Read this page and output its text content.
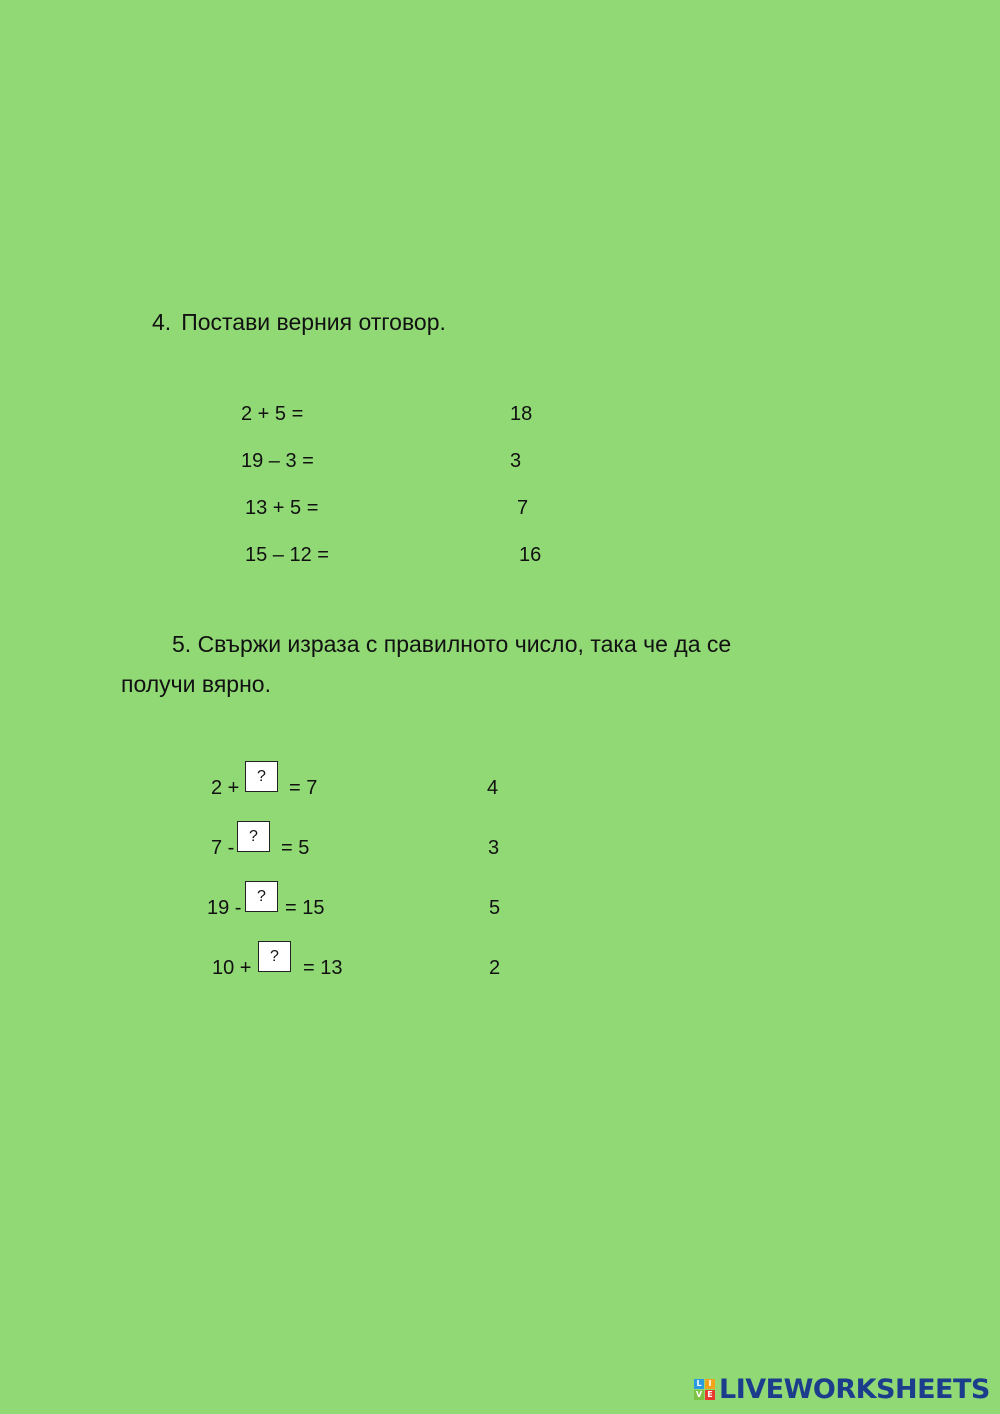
4. Постави верния отговор.
2 + 5 =
19 – 3 =
13 + 5 =
15 – 12 =
18
3
7
16
5. Свържи израза с правилното число, така че да се
получи вярно.
2 +
?
= 7
7 -
?
= 5
19 -
?
= 15
10 +
?
= 13
4
3
5
2
L I
V E LIVEWORKSHEETS
